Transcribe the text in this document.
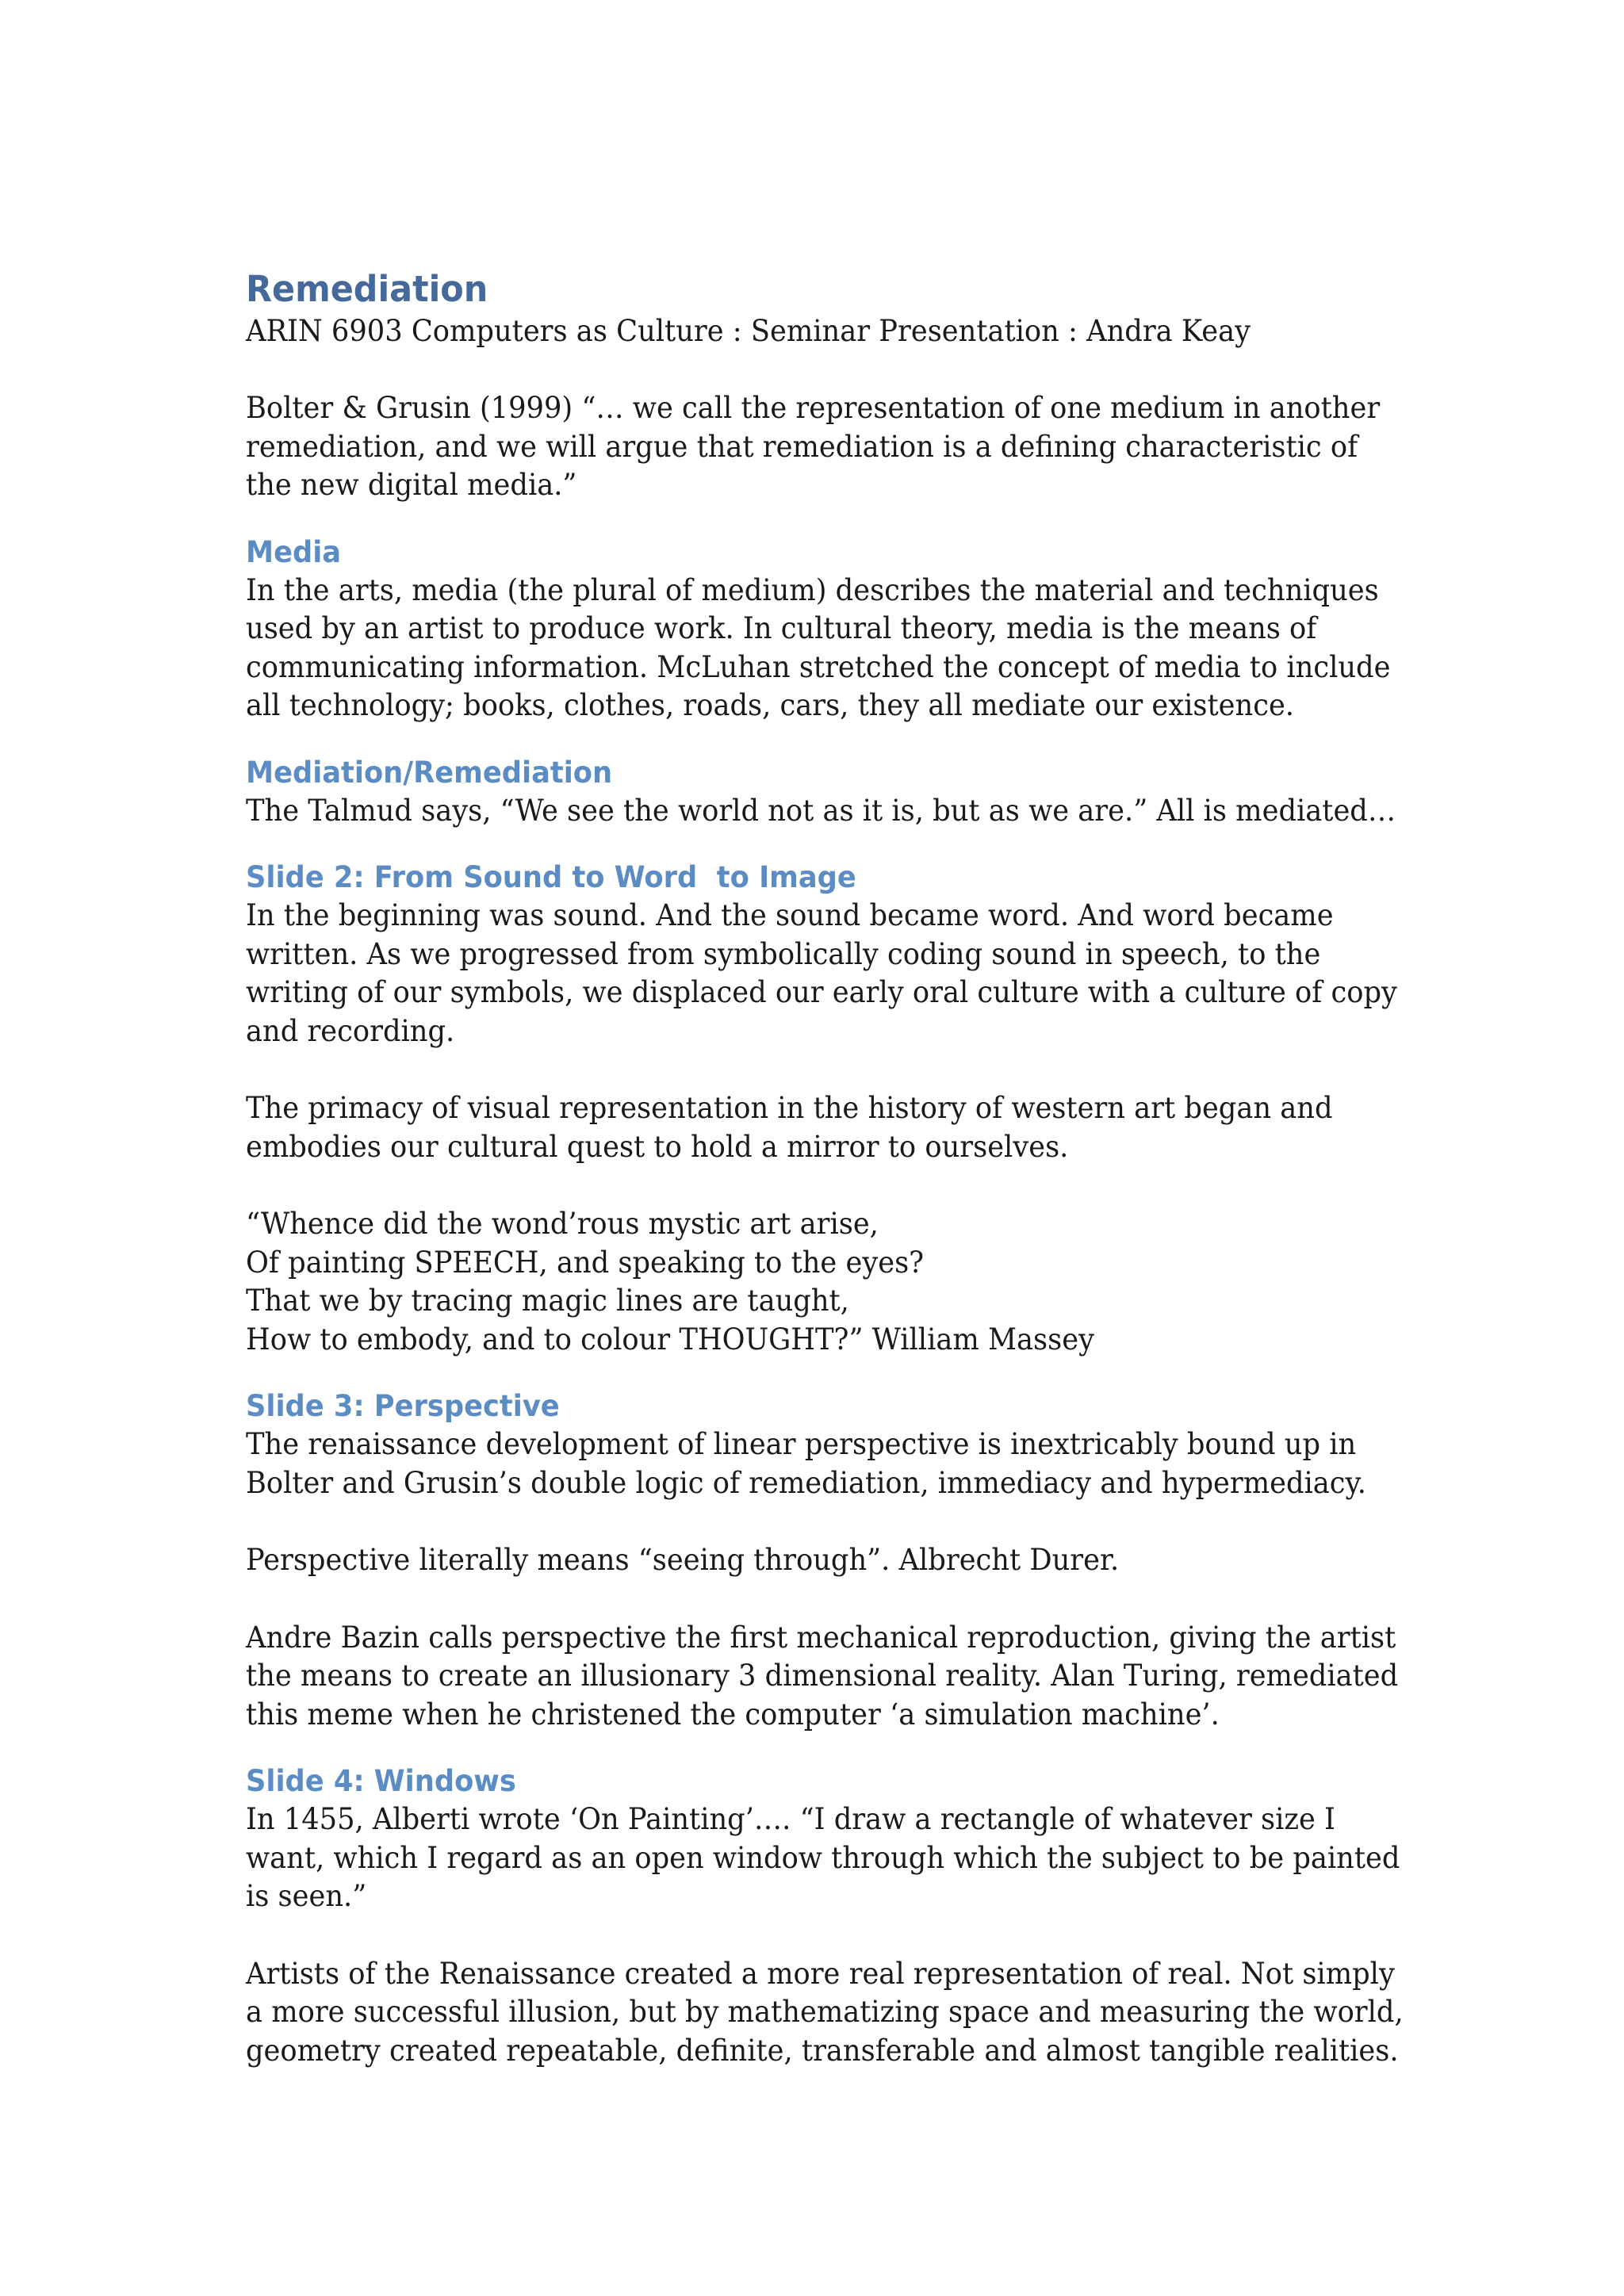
Remediation

ARIN 6903 Computers as Culture : Seminar Presentation : Andra Keay

Bolter & Grusin (1999) “… we call the representation of one medium in another
remediation, and we will argue that remediation is a defining characteristic of
the new digital media.”

Media

In the arts, media (the plural of medium) describes the material and techniques
used by an artist to produce work. In cultural theory, media is the means of
communicating information. McLuhan stretched the concept of media to include
all technology; books, clothes, roads, cars, they all mediate our existence.

Mediation/Remediation

The Talmud says, “We see the world not as it is, but as we are.” All is mediated…

Slide 2: From Sound to Word  to Image

In the beginning was sound. And the sound became word. And word became
written. As we progressed from symbolically coding sound in speech, to the
writing of our symbols, we displaced our early oral culture with a culture of copy
and recording.

The primacy of visual representation in the history of western art began and
embodies our cultural quest to hold a mirror to ourselves.

“Whence did the wond’rous mystic art arise,
Of painting SPEECH, and speaking to the eyes?
That we by tracing magic lines are taught,
How to embody, and to colour THOUGHT?” William Massey

Slide 3: Perspective

The renaissance development of linear perspective is inextricably bound up in
Bolter and Grusin’s double logic of remediation, immediacy and hypermediacy.

Perspective literally means “seeing through”. Albrecht Durer.

Andre Bazin calls perspective the first mechanical reproduction, giving the artist
the means to create an illusionary 3 dimensional reality. Alan Turing, remediated
this meme when he christened the computer ‘a simulation machine’.

Slide 4: Windows

In 1455, Alberti wrote ‘On Painting’…. “I draw a rectangle of whatever size I
want, which I regard as an open window through which the subject to be painted
is seen.”

Artists of the Renaissance created a more real representation of real. Not simply
a more successful illusion, but by mathematizing space and measuring the world,
geometry created repeatable, definite, transferable and almost tangible realities.
